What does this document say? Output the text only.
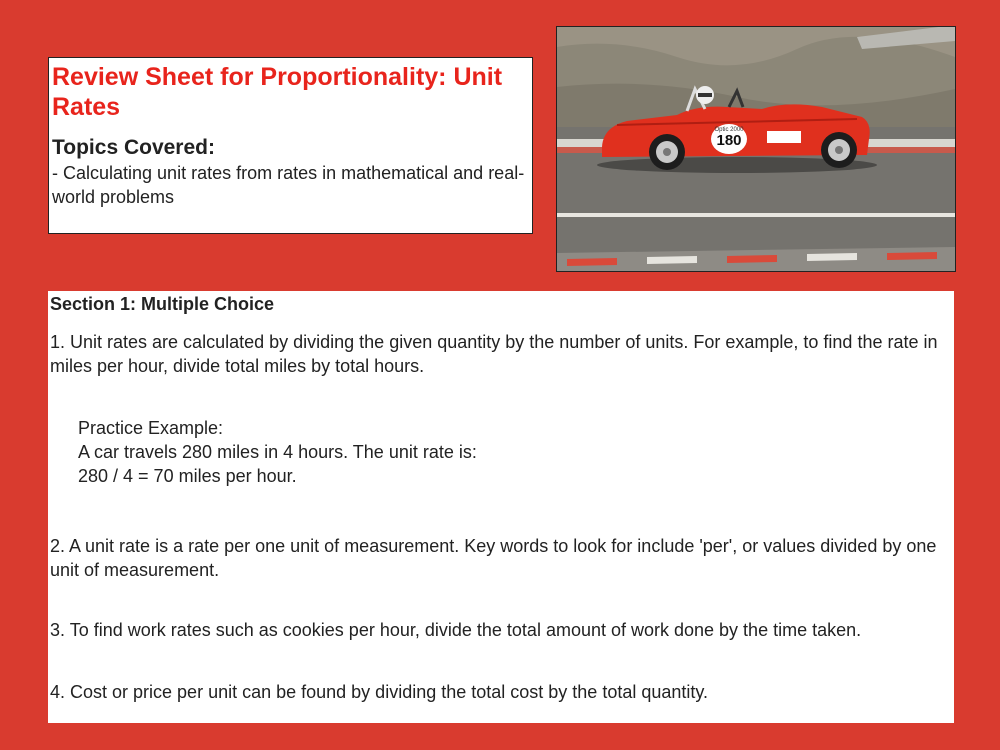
Review Sheet for Proportionality: Unit Rates

Topics Covered:

- Calculating unit rates from rates in mathematical and real-world problems

180
Optic 2000

Section 1: Multiple Choice

1. Unit rates are calculated by dividing the given quantity by the number of units. For example, to find the rate in miles per hour, divide total miles by total hours.

Practice Example:
A car travels 280 miles in 4 hours. The unit rate is:
280 / 4 = 70 miles per hour.

2. A unit rate is a rate per one unit of measurement. Key words to look for include 'per', or values divided by one unit of measurement.

3. To find work rates such as cookies per hour, divide the total amount of work done by the time taken.

4. Cost or price per unit can be found by dividing the total cost by the total quantity.
